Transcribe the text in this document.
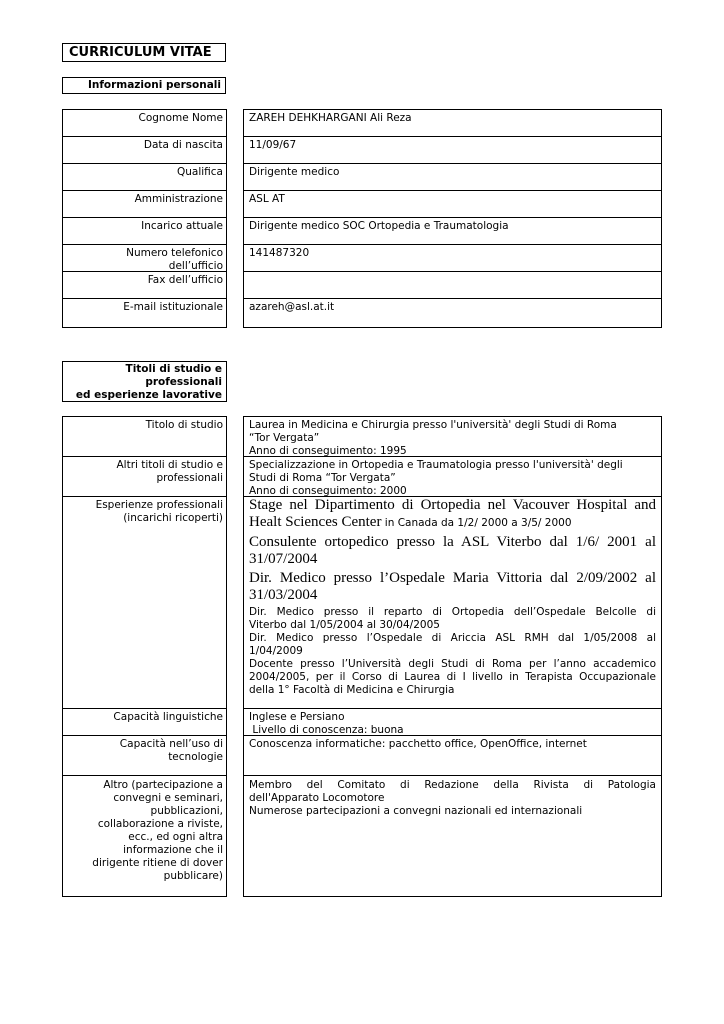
CURRICULUM VITAE
Informazioni personali
Cognome Nome
Data di nascita
Qualifica
Amministrazione
Incarico attuale
Numero telefonico dell’ufficio
Fax dell’ufficio
E-mail istituzionale
ZAREH DEHKHARGANI Ali Reza
11/09/67
Dirigente medico
ASL AT
Dirigente medico SOC Ortopedia e Traumatologia
141487320
azareh@asl.at.it
Titoli di studio e
professionali
ed esperienze lavorative
Titolo di studio	Laurea in Medicina e Chirurgia presso l'università' degli Studi di Roma
“Tor Vergata”
Anno di conseguimento: 1995
Altri titoli di studio e
professionali
Specializzazione in Ortopedia e Traumatologia presso l'università' degli
Studi di Roma “Tor Vergata”
Anno di conseguimento: 2000
Esperienze professionali
(incarichi ricoperti)
Stage nel Dipartimento di Ortopedia nel Vacouver Hospital and
Healt Sciences Center in Canada da 1/2/ 2000 a 3/5/ 2000
Consulente ortopedico presso la ASL Viterbo dal 1/6/ 2001 al
31/07/2004
Dir. Medico presso l’Ospedale Maria Vittoria dal 2/09/2002 al
31/03/2004
Dir. Medico presso il reparto di Ortopedia dell’Ospedale Belcolle di
Viterbo dal 1/05/2004 al 30/04/2005
Dir. Medico presso l’Ospedale di Ariccia ASL RMH dal 1/05/2008 al
1/04/2009
Docente presso l’Università degli Studi di Roma per l’anno accademico
2004/2005, per il Corso di Laurea di I livello in Terapista Occupazionale
della 1° Facoltà di Medicina e Chirurgia
Capacità linguistiche	Inglese e Persiano
Livello di conoscenza: buona
Capacità nell’uso di
tecnologie
Conoscenza informatiche: pacchetto office, OpenOffice, internet
Altro (partecipazione a
convegni e seminari,
pubblicazioni,
collaborazione a riviste,
ecc., ed ogni altra
informazione che il
dirigente ritiene di dover
pubblicare)
Membro del Comitato di Redazione della Rivista di Patologia
dell'Apparato Locomotore
Numerose partecipazioni a convegni nazionali ed internazionali
